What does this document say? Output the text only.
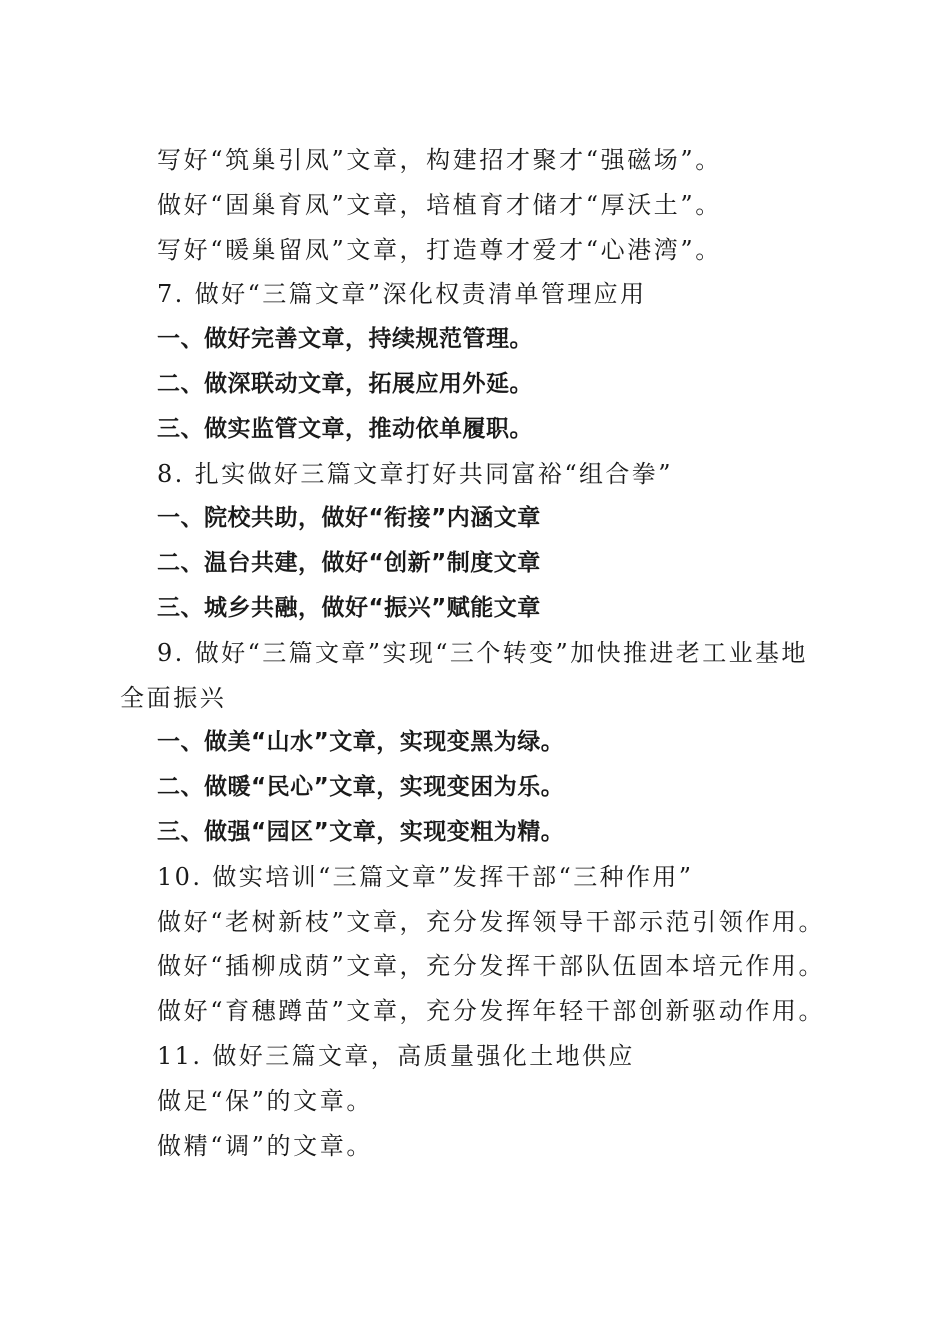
写好“筑巢引凤”文章，构建招才聚才“强磁场”。
做好“固巢育凤”文章，培植育才储才“厚沃土”。
写好“暖巢留凤”文章，打造尊才爱才“心港湾”。
7. 做好“三篇文章”深化权责清单管理应用
一、做好完善文章，持续规范管理。
二、做深联动文章，拓展应用外延。
三、做实监管文章，推动依单履职。
8. 扎实做好三篇文章打好共同富裕“组合拳”
一、院校共助，做好“衔接”内涵文章
二、温台共建，做好“创新”制度文章
三、城乡共融，做好“振兴”赋能文章
9. 做好“三篇文章”实现“三个转变”加快推进老工业基地
全面振兴
一、做美“山水”文章，实现变黑为绿。
二、做暖“民心”文章，实现变困为乐。
三、做强“园区”文章，实现变粗为精。
10. 做实培训“三篇文章”发挥干部“三种作用”
做好“老树新枝”文章，充分发挥领导干部示范引领作用。
做好“插柳成荫”文章，充分发挥干部队伍固本培元作用。
做好“育穗蹲苗”文章，充分发挥年轻干部创新驱动作用。
11. 做好三篇文章，高质量强化土地供应
做足“保”的文章。
做精“调”的文章。
